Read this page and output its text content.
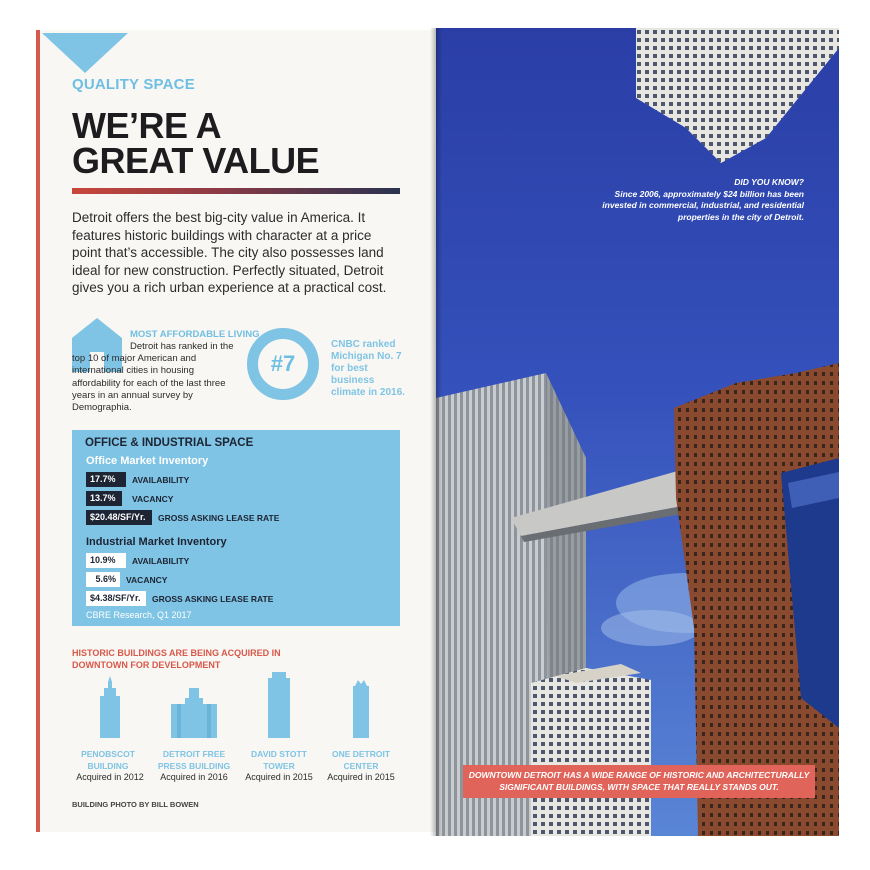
QUALITY SPACE
WE’RE A
GREAT VALUE
Detroit offers the best big-city value in America. It features historic buildings with character at a price point that’s accessible. The city also possesses land ideal for new construction. Perfectly situated, Detroit gives you a rich urban experience at a practical cost.
MOST AFFORDABLE LIVING
Detroit has ranked in the top 10 of major American and international cities in housing affordability for each of the last three years in an annual survey by Demographia.
#7
CNBC ranked Michigan No. 7 for best business climate in 2016.
OFFICE & INDUSTRIAL SPACE
Office Market Inventory
17.7%	AVAILABILITY
13.7%	VACANCY
$20.48/SF/Yr.	GROSS ASKING LEASE RATE
Industrial Market Inventory
10.9%	AVAILABILITY
5.6%	VACANCY
$4.38/SF/Yr.	GROSS ASKING LEASE RATE
CBRE Research, Q1 2017
HISTORIC BUILDINGS ARE BEING ACQUIRED IN DOWNTOWN FOR DEVELOPMENT
PENOBSCOT
BUILDING
Acquired in 2012
DETROIT FREE
PRESS BUILDING
Acquired in 2016
DAVID STOTT
TOWER
Acquired in 2015
ONE DETROIT
CENTER
Acquired in 2015
BUILDING PHOTO BY BILL BOWEN
DID YOU KNOW?
Since 2006, approximately $24 billion has been invested in commercial, industrial, and residential properties in the city of Detroit.
DOWNTOWN DETROIT HAS A WIDE RANGE OF HISTORIC AND ARCHITECTURALLY SIGNIFICANT BUILDINGS, WITH SPACE THAT REALLY STANDS OUT.
